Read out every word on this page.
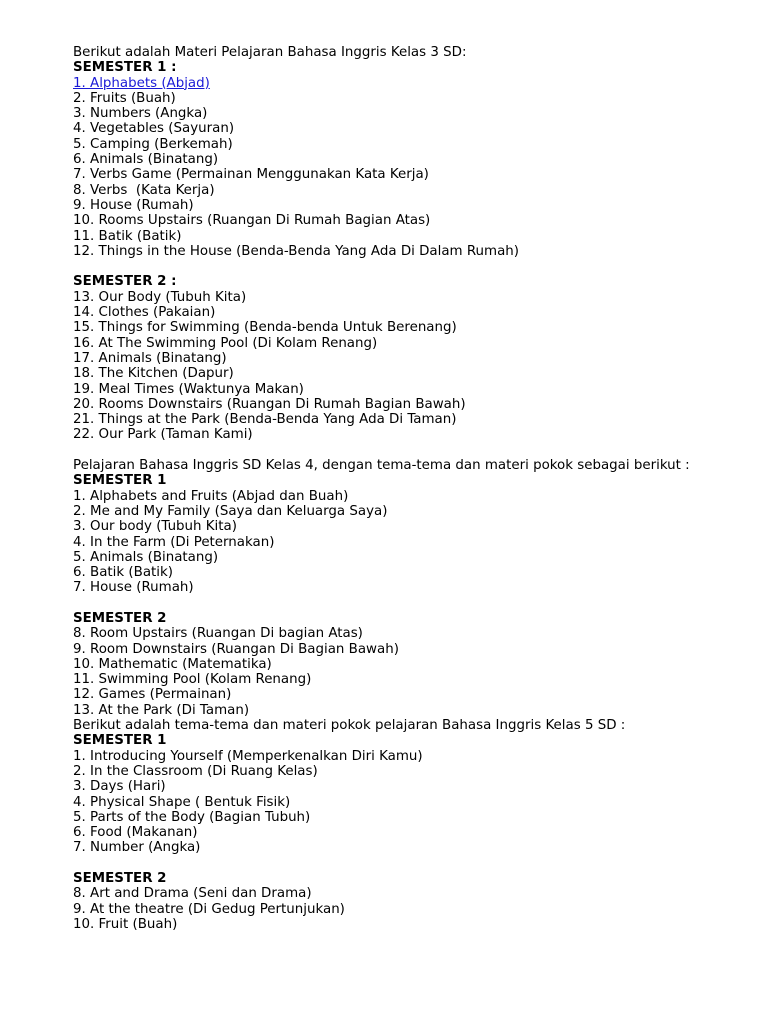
Berikut adalah Materi Pelajaran Bahasa Inggris Kelas 3 SD:
SEMESTER 1 :
1. Alphabets (Abjad)
2. Fruits (Buah)
3. Numbers (Angka)
4. Vegetables (Sayuran)
5. Camping (Berkemah)
6. Animals (Binatang)
7. Verbs Game (Permainan Menggunakan Kata Kerja)
8. Verbs  (Kata Kerja)
9. House (Rumah)
10. Rooms Upstairs (Ruangan Di Rumah Bagian Atas)
11. Batik (Batik)
12. Things in the House (Benda-Benda Yang Ada Di Dalam Rumah)
SEMESTER 2 :
13. Our Body (Tubuh Kita)
14. Clothes (Pakaian)
15. Things for Swimming (Benda-benda Untuk Berenang)
16. At The Swimming Pool (Di Kolam Renang)
17. Animals (Binatang)
18. The Kitchen (Dapur)
19. Meal Times (Waktunya Makan)
20. Rooms Downstairs (Ruangan Di Rumah Bagian Bawah)
21. Things at the Park (Benda-Benda Yang Ada Di Taman)
22. Our Park (Taman Kami)
Pelajaran Bahasa Inggris SD Kelas 4, dengan tema-tema dan materi pokok sebagai berikut :
SEMESTER 1
1. Alphabets and Fruits (Abjad dan Buah)
2. Me and My Family (Saya dan Keluarga Saya)
3. Our body (Tubuh Kita)
4. In the Farm (Di Peternakan)
5. Animals (Binatang)
6. Batik (Batik)
7. House (Rumah)
SEMESTER 2
8. Room Upstairs (Ruangan Di bagian Atas)
9. Room Downstairs (Ruangan Di Bagian Bawah)
10. Mathematic (Matematika)
11. Swimming Pool (Kolam Renang)
12. Games (Permainan)
13. At the Park (Di Taman)
Berikut adalah tema-tema dan materi pokok pelajaran Bahasa Inggris Kelas 5 SD :
SEMESTER 1
1. Introducing Yourself (Memperkenalkan Diri Kamu)
2. In the Classroom (Di Ruang Kelas)
3. Days (Hari)
4. Physical Shape ( Bentuk Fisik)
5. Parts of the Body (Bagian Tubuh)
6. Food (Makanan)
7. Number (Angka)
SEMESTER 2
8. Art and Drama (Seni dan Drama)
9. At the theatre (Di Gedug Pertunjukan)
10. Fruit (Buah)
